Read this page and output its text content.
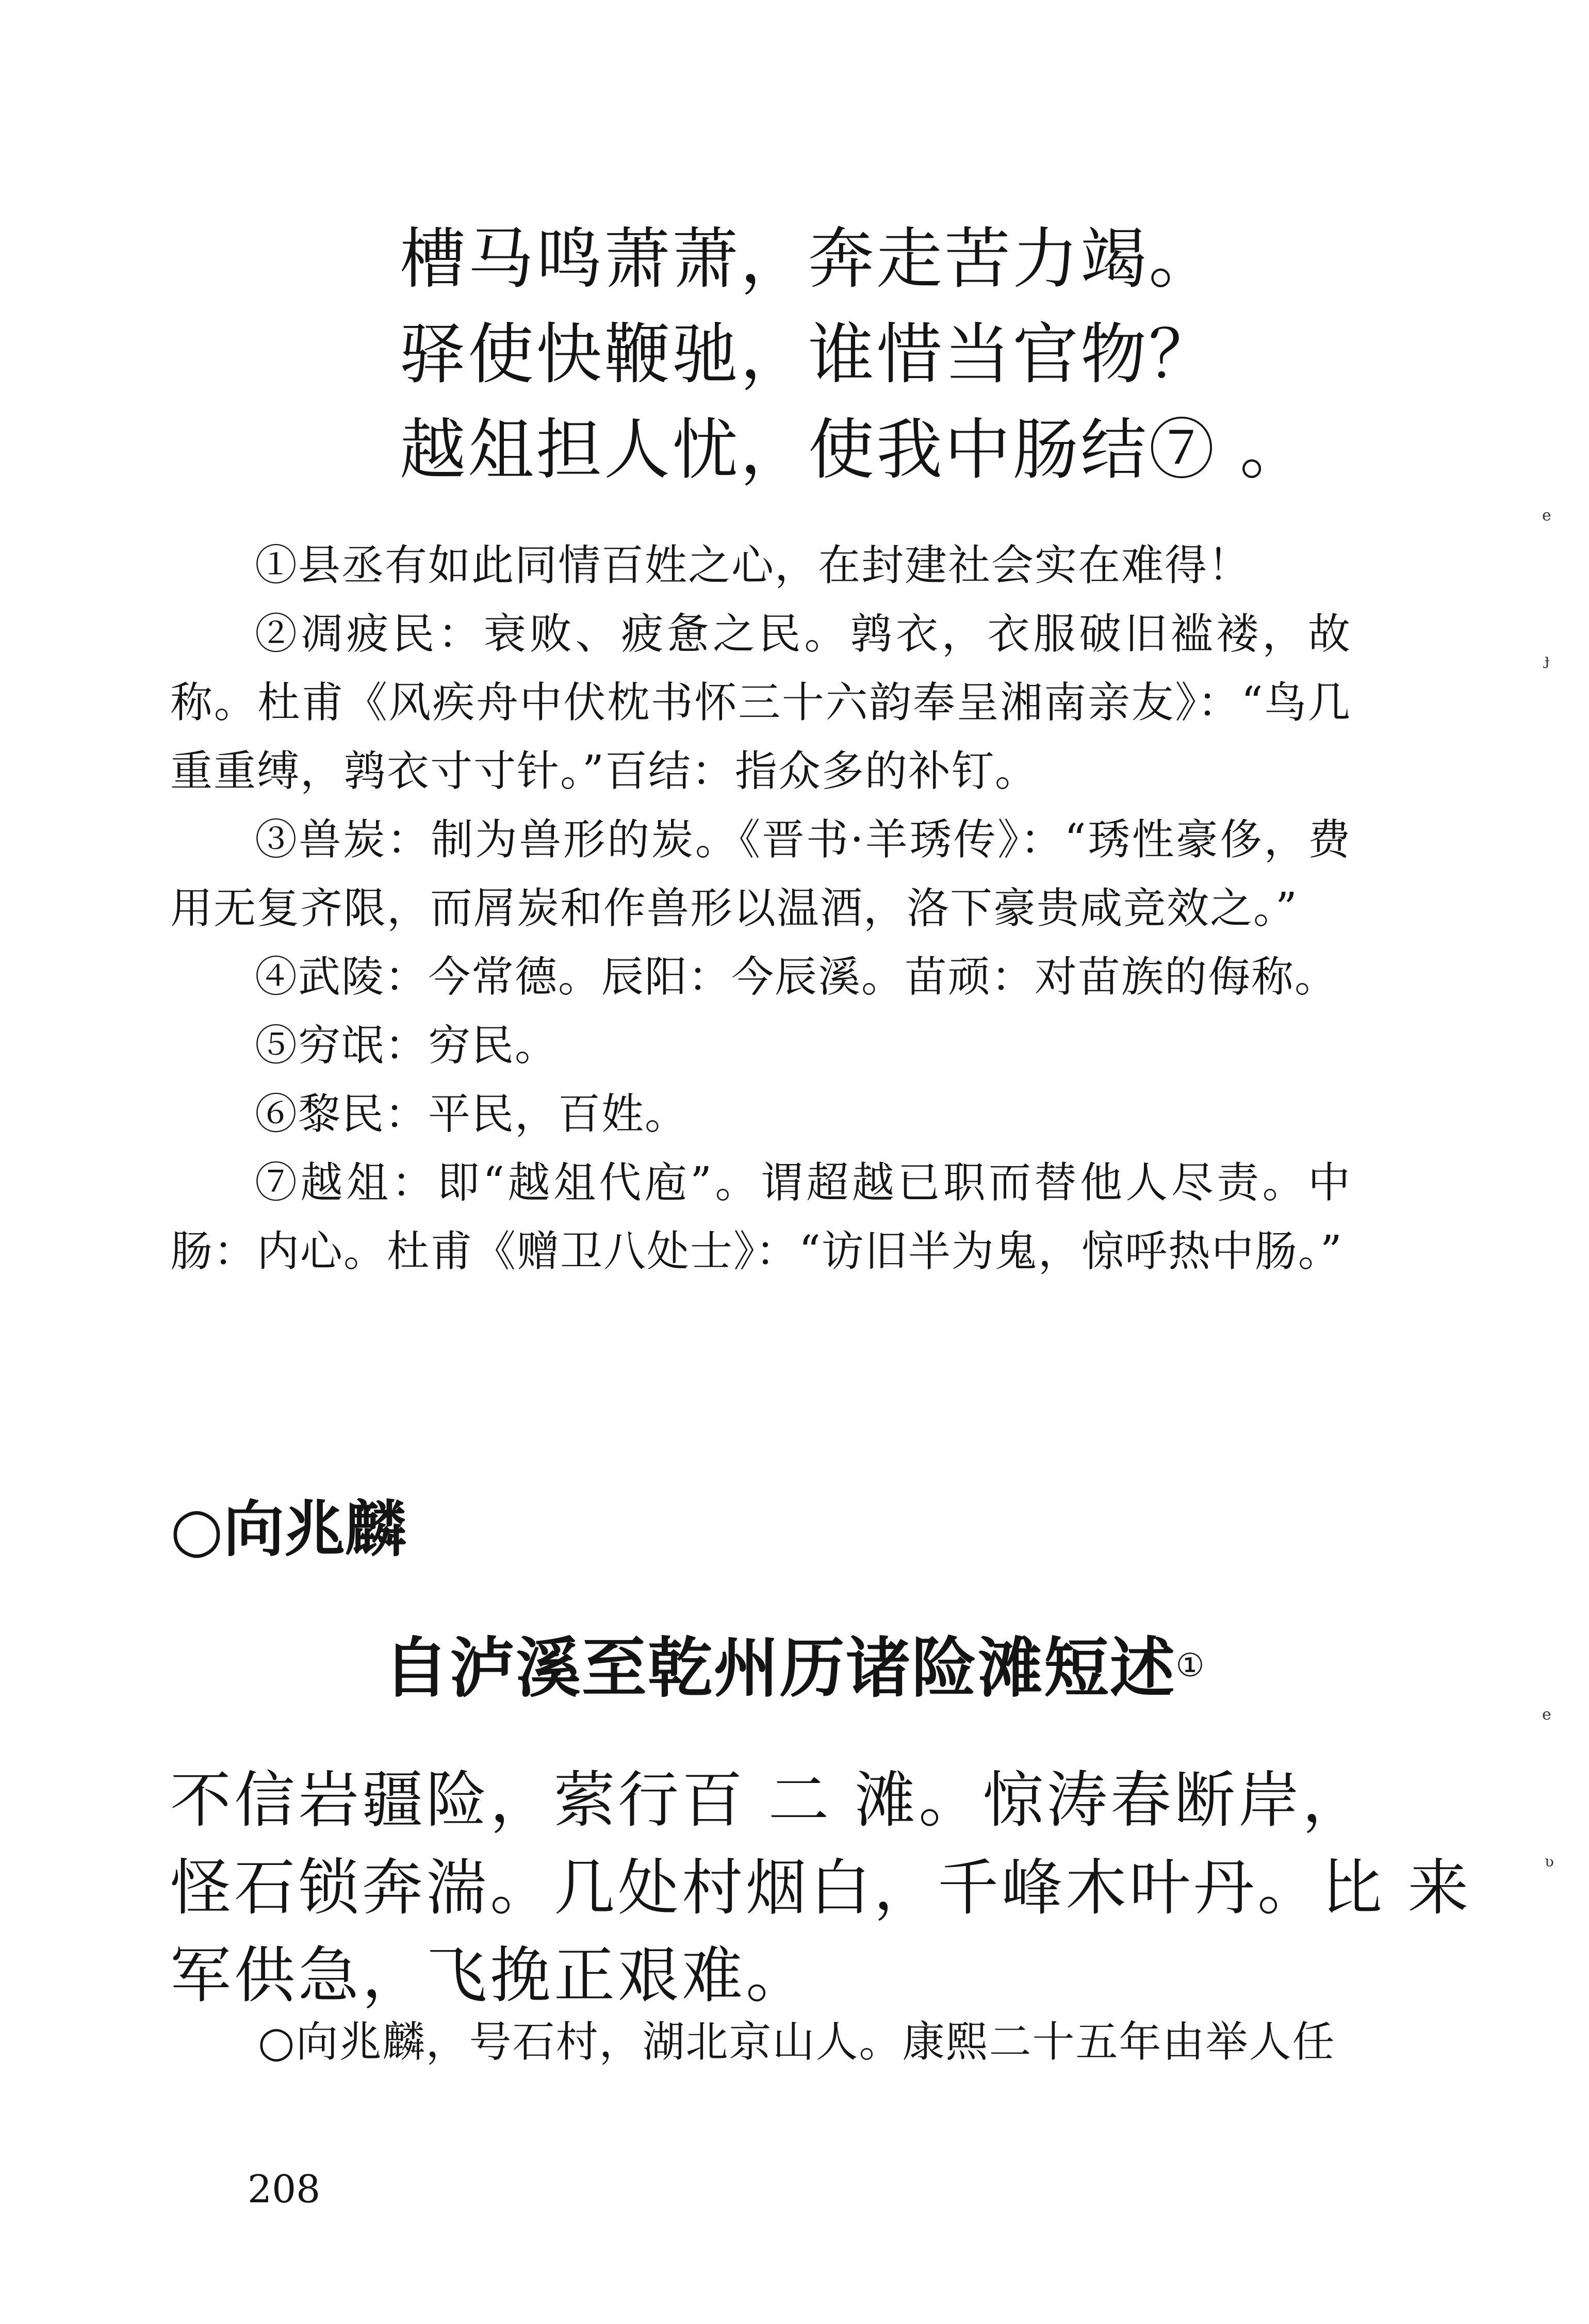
槽马鸣萧萧，奔走苦力竭。
驿使快鞭驰，谁惜当官物？
越俎担人忧，使我中肠结⑦ 。
①县丞有如此同情百姓之心，在封建社会实在难得！
②凋疲民：衰败、疲惫之民。鹑衣，衣服破旧褴褛，故称。杜甫《风疾舟中伏枕书怀三十六韵奉呈湘南亲友》：“鸟几重重缚，鹑衣寸寸针。”百结：指众多的补钉。
③兽炭：制为兽形的炭。《晋书·羊琇传》：“琇性豪侈，费用无复齐限，而屑炭和作兽形以温酒，洛下豪贵咸竞效之。”
④武陵：今常德。辰阳：今辰溪。苗顽：对苗族的侮称。
⑤穷氓：穷民。
⑥黎民：平民，百姓。
⑦越俎：即“越俎代庖”。谓超越已职而替他人尽责。中肠：内心。杜甫《赠卫八处士》：“访旧半为鬼，惊呼热中肠。”
○向兆麟
自泸溪至乾州历诸险滩短述①
不信岩疆险，萦行百 二 滩。惊涛春断岸，
怪石锁奔湍。几处村烟白，千峰木叶丹。比 来
军供急，飞挽正艰难。
○向兆麟，号石村，湖北京山人。康熙二十五年由举人任
208
e
ɟ
e
ʋ
